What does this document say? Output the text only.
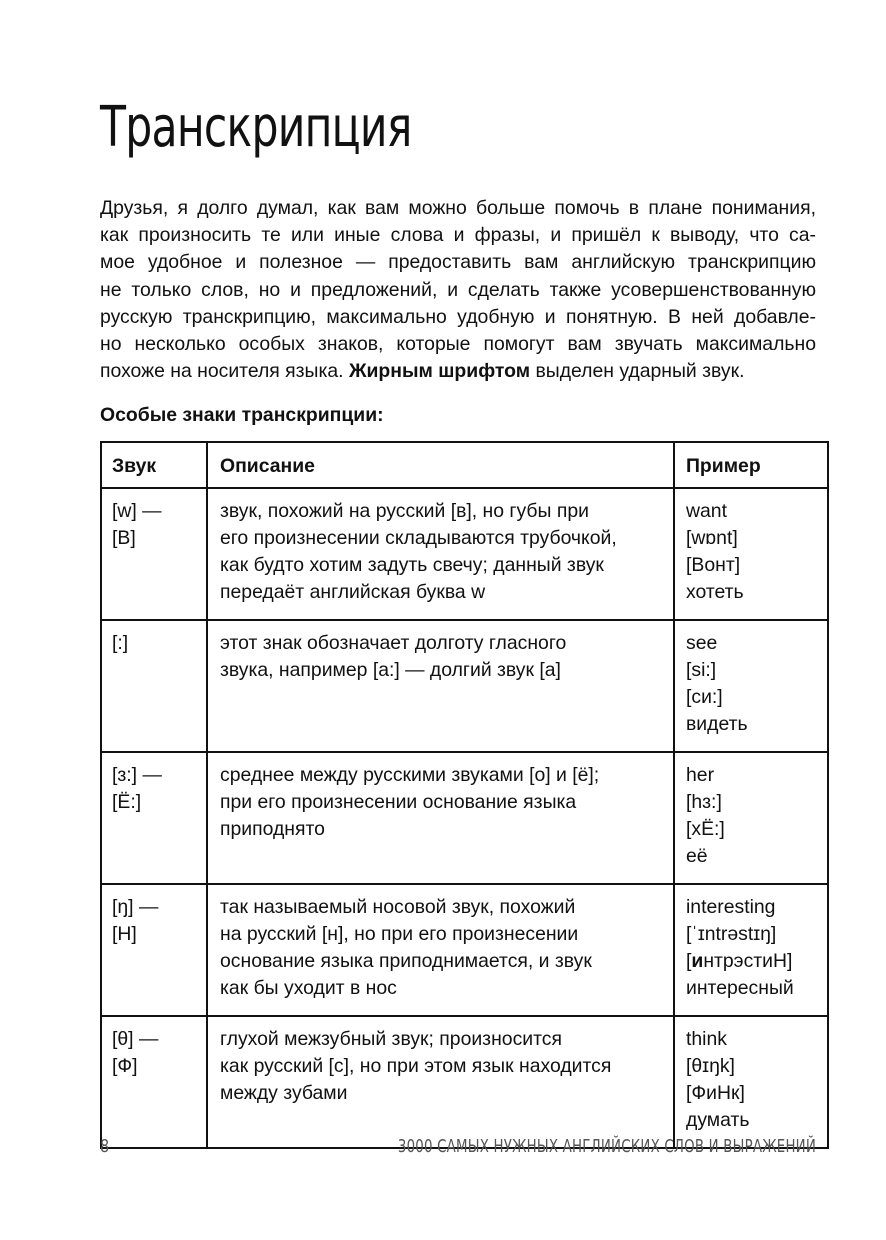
Транскрипция

Друзья, я долго думал, как вам можно больше помочь в плане понимания,
как произносить те или иные слова и фразы, и пришёл к выводу, что са-
мое удобное и полезное — предоставить вам английскую транскрипцию
не только слов, но и предложений, и сделать также усовершенствованную
русскую транскрипцию, максимально удобную и понятную. В ней добавле-
но несколько особых знаков, которые помогут вам звучать максимально
похоже на носителя языка. Жирным шрифтом выделен ударный звук.

Особые знаки транскрипции:
Звук	Описание	Пример

[w] —
[В]	звук, похожий на русский [в], но губы при
его произнесении складываются трубочкой,
как будто хотим задуть свечу; данный звук
передаёт английская буква w	want
[wɒnt]
[Вонт]
хотеть

[:]	этот знак обозначает долготу гласного
звука, например [a:] — долгий звук [a]	see
[si:]
[си:]
видеть

[ɜ:] —
[Ё:]	среднее между русскими звуками [о] и [ё];
при его произнесении основание языка
приподнято	her
[hɜ:]
[хЁ:]
её

[ŋ] —
[Н]	так называемый носовой звук, похожий
на русский [н], но при его произнесении
основание языка приподнимается, и звук
как бы уходит в нос	interesting
[ˈɪntrəstɪŋ]
[интрэстиН]
интересный

[θ] —
[Ф]	глухой межзубный звук; произносится
как русский [с], но при этом язык находится
между зубами	think
[θɪŋk]
[ФиНк]
думать
8	3000 САМЫХ НУЖНЫХ АНГЛИЙСКИХ СЛОВ И ВЫРАЖЕНИЙ
